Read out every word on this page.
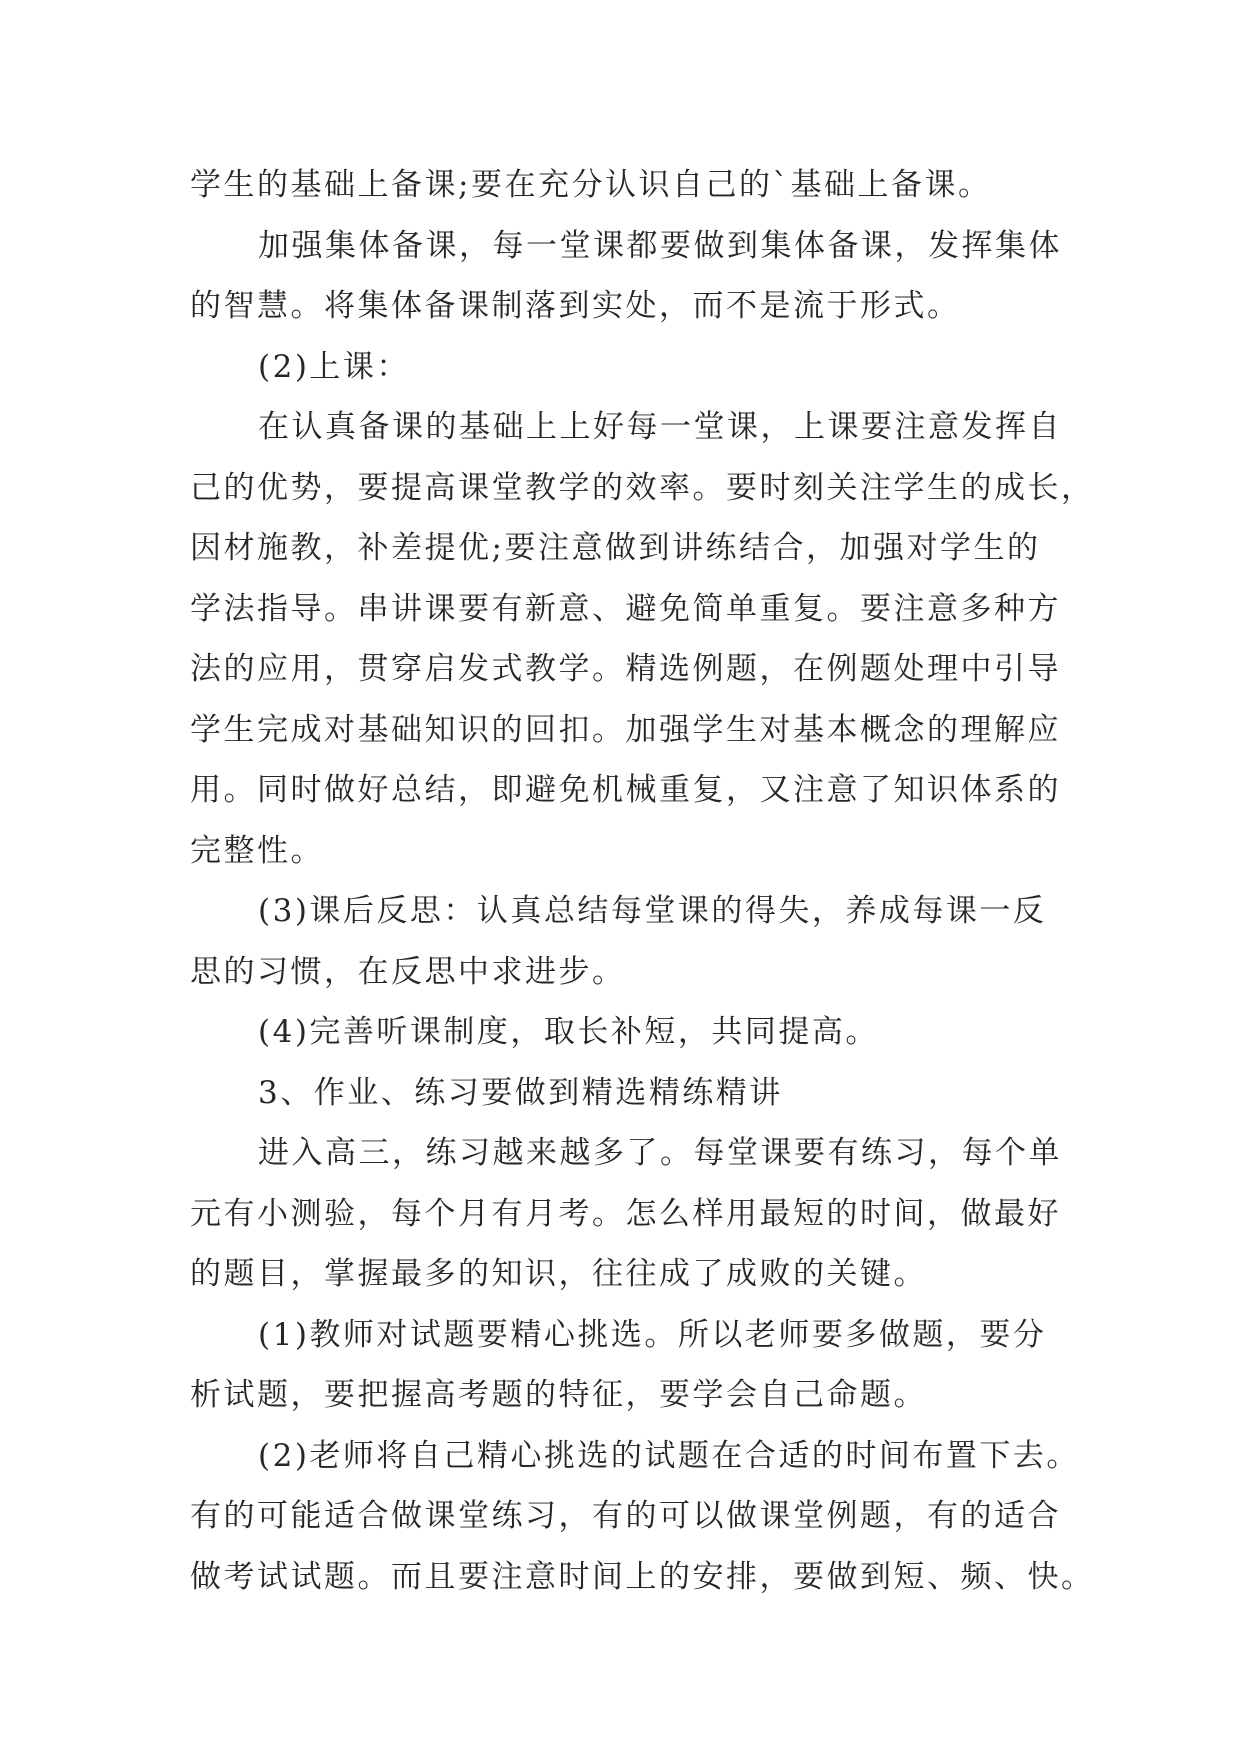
学生的基础上备课;要在充分认识自己的`基础上备课。
加强集体备课，每一堂课都要做到集体备课，发挥集体
的智慧。将集体备课制落到实处，而不是流于形式。
(2)上课：
在认真备课的基础上上好每一堂课，上课要注意发挥自
己的优势，要提高课堂教学的效率。要时刻关注学生的成长，
因材施教，补差提优;要注意做到讲练结合，加强对学生的
学法指导。串讲课要有新意、避免简单重复。要注意多种方
法的应用，贯穿启发式教学。精选例题，在例题处理中引导
学生完成对基础知识的回扣。加强学生对基本概念的理解应
用。同时做好总结，即避免机械重复，又注意了知识体系的
完整性。
(3)课后反思：认真总结每堂课的得失，养成每课一反
思的习惯，在反思中求进步。
(4)完善听课制度，取长补短，共同提高。
3、作业、练习要做到精选精练精讲
进入高三，练习越来越多了。每堂课要有练习，每个单
元有小测验，每个月有月考。怎么样用最短的时间，做最好
的题目，掌握最多的知识，往往成了成败的关键。
(1)教师对试题要精心挑选。所以老师要多做题，要分
析试题，要把握高考题的特征，要学会自己命题。
(2)老师将自己精心挑选的试题在合适的时间布置下去。
有的可能适合做课堂练习，有的可以做课堂例题，有的适合
做考试试题。而且要注意时间上的安排，要做到短、频、快。
